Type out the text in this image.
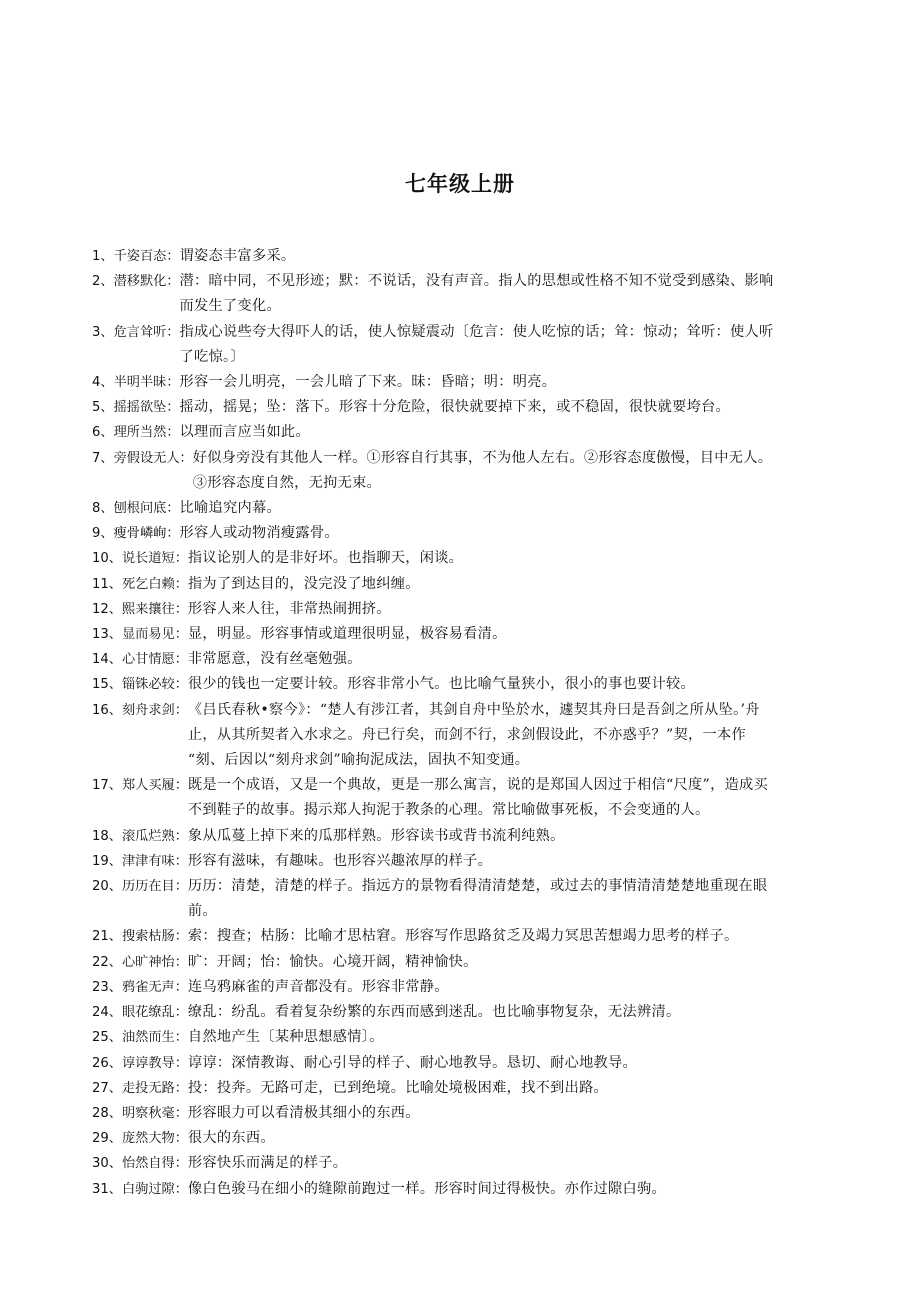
七年级上册
1、千姿百态： 谓姿态丰富多采。
2、潜移默化： 潜：暗中同，不见形迹；默：不说话，没有声音。指人的思想或性格不知不觉受到感染、影响
而发生了变化。
3、危言耸听： 指成心说些夸大得吓人的话，使人惊疑震动〔危言：使人吃惊的话；耸：惊动；耸听：使人听
了吃惊。〕
4、半明半昧： 形容一会儿明亮，一会儿暗了下来。昧：昏暗；明：明亮。
5、摇摇欲坠： 摇动，摇晃；坠：落下。形容十分危险，很快就要掉下来，或不稳固，很快就要垮台。
6、理所当然： 以理而言应当如此。
7、旁假设无人： 好似身旁没有其他人一样。①形容自行其事，不为他人左右。②形容态度傲慢，目中无人。
③形容态度自然，无拘无束。
8、刨根问底： 比喻追究内幕。
9、瘦骨嶙峋： 形容人或动物消瘦露骨。
10、说长道短： 指议论别人的是非好坏。也指聊天，闲谈。
11、死乞白赖： 指为了到达目的，没完没了地纠缠。
12、熙来攘往： 形容人来人往，非常热闹拥挤。
13、显而易见： 显，明显。形容事情或道理很明显，极容易看清。
14、心甘情愿： 非常愿意，没有丝毫勉强。
15、锱铢必较： 很少的钱也一定要计较。形容非常小气。也比喻气量狭小，很小的事也要计较。
16、刻舟求剑： 《吕氏春秋•察今》：“楚人有涉江者，其剑自舟中坠於水，遽契其舟曰是吾剑之所从坠。’舟
止，从其所契者入水求之。舟已行矣，而剑不行，求剑假设此，不亦惑乎？”契，一本作
“刻、后因以“刻舟求剑”喻拘泥成法，固执不知变通。
17、郑人买履： 既是一个成语，又是一个典故，更是一那么寓言，说的是郑国人因过于相信“尺度”，造成买
不到鞋子的故事。揭示郑人拘泥于教条的心理。常比喻做事死板，不会变通的人。
18、滚瓜烂熟： 象从瓜蔓上掉下来的瓜那样熟。形容读书或背书流利纯熟。
19、津津有味： 形容有滋味，有趣味。也形容兴趣浓厚的样子。
20、历历在目： 历历：清楚，清楚的样子。指远方的景物看得清清楚楚，或过去的事情清清楚楚地重现在眼
前。
21、搜索枯肠： 索：搜查；枯肠：比喻才思枯窘。形容写作思路贫乏及竭力冥思苦想竭力思考的样子。
22、心旷神怡： 旷：开阔；怡：愉快。心境开阔，精神愉快。
23、鸦雀无声： 连乌鸦麻雀的声音都没有。形容非常静。
24、眼花缭乱： 缭乱：纷乱。看着复杂纷繁的东西而感到迷乱。也比喻事物复杂，无法辨清。
25、油然而生： 自然地产生〔某种思想感情〕。
26、谆谆教导： 谆谆：深情教诲、耐心引导的样子、耐心地教导。恳切、耐心地教导。
27、走投无路： 投：投奔。无路可走，已到绝境。比喻处境极困难，找不到出路。
28、明察秋毫： 形容眼力可以看清极其细小的东西。
29、庞然大物： 很大的东西。
30、怡然自得： 形容快乐而满足的样子。
31、白驹过隙： 像白色骏马在细小的缝隙前跑过一样。形容时间过得极快。亦作过隙白驹。
